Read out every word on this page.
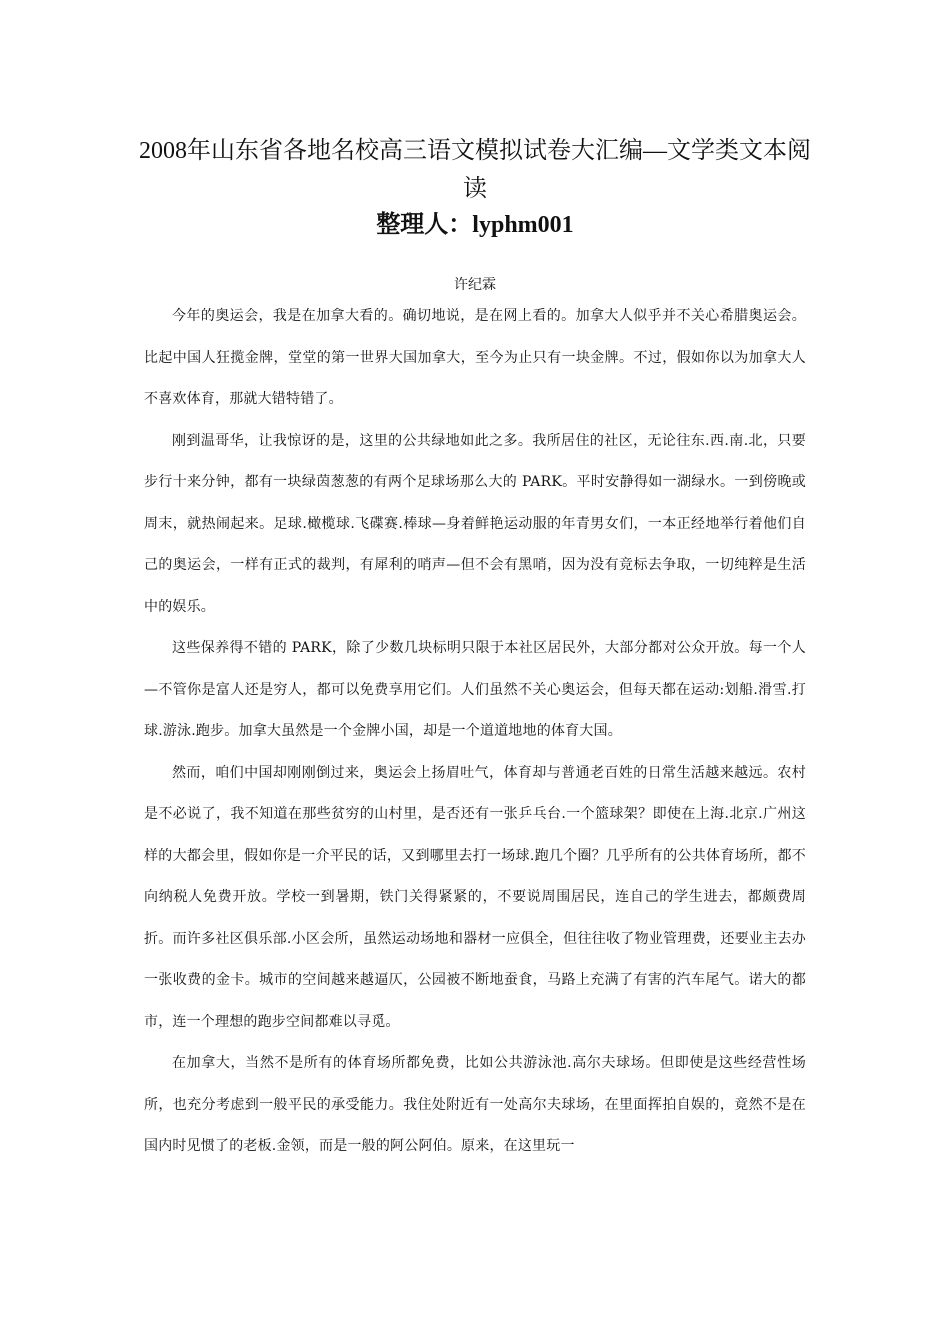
2008年山东省各地名校高三语文模拟试卷大汇编—文学类文本阅
读
整理人：lyphm001

许纪霖

今年的奥运会，我是在加拿大看的。确切地说，是在网上看的。加拿大人似乎并不关心希腊奥运会。比起中国人狂揽金牌，堂堂的第一世界大国加拿大，至今为止只有一块金牌。不过，假如你以为加拿大人不喜欢体育，那就大错特错了。

刚到温哥华，让我惊讶的是，这里的公共绿地如此之多。我所居住的社区，无论往东.西.南.北，只要步行十来分钟，都有一块绿茵葱葱的有两个足球场那么大的 PARK。平时安静得如一湖绿水。一到傍晚或周末，就热闹起来。足球.橄榄球.飞碟赛.棒球—身着鲜艳运动服的年青男女们，一本正经地举行着他们自己的奥运会，一样有正式的裁判，有犀利的哨声—但不会有黑哨，因为没有竞标去争取，一切纯粹是生活中的娱乐。

这些保养得不错的 PARK，除了少数几块标明只限于本社区居民外，大部分都对公众开放。每一个人—不管你是富人还是穷人，都可以免费享用它们。人们虽然不关心奥运会，但每天都在运动:划船.滑雪.打球.游泳.跑步。加拿大虽然是一个金牌小国，却是一个道道地地的体育大国。

然而，咱们中国却刚刚倒过来，奥运会上扬眉吐气，体育却与普通老百姓的日常生活越来越远。农村是不必说了，我不知道在那些贫穷的山村里，是否还有一张乒乓台.一个篮球架？即使在上海.北京.广州这样的大都会里，假如你是一介平民的话，又到哪里去打一场球.跑几个圈？几乎所有的公共体育场所，都不向纳税人免费开放。学校一到暑期，铁门关得紧紧的，不要说周围居民，连自己的学生进去，都颇费周折。而许多社区俱乐部.小区会所，虽然运动场地和器材一应俱全，但往往收了物业管理费，还要业主去办一张收费的金卡。城市的空间越来越逼仄，公园被不断地蚕食，马路上充满了有害的汽车尾气。诺大的都市，连一个理想的跑步空间都难以寻觅。

在加拿大，当然不是所有的体育场所都免费，比如公共游泳池.高尔夫球场。但即使是这些经营性场所，也充分考虑到一般平民的承受能力。我住处附近有一处高尔夫球场，在里面挥拍自娱的，竟然不是在国内时见惯了的老板.金领，而是一般的阿公阿伯。原来，在这里玩一
